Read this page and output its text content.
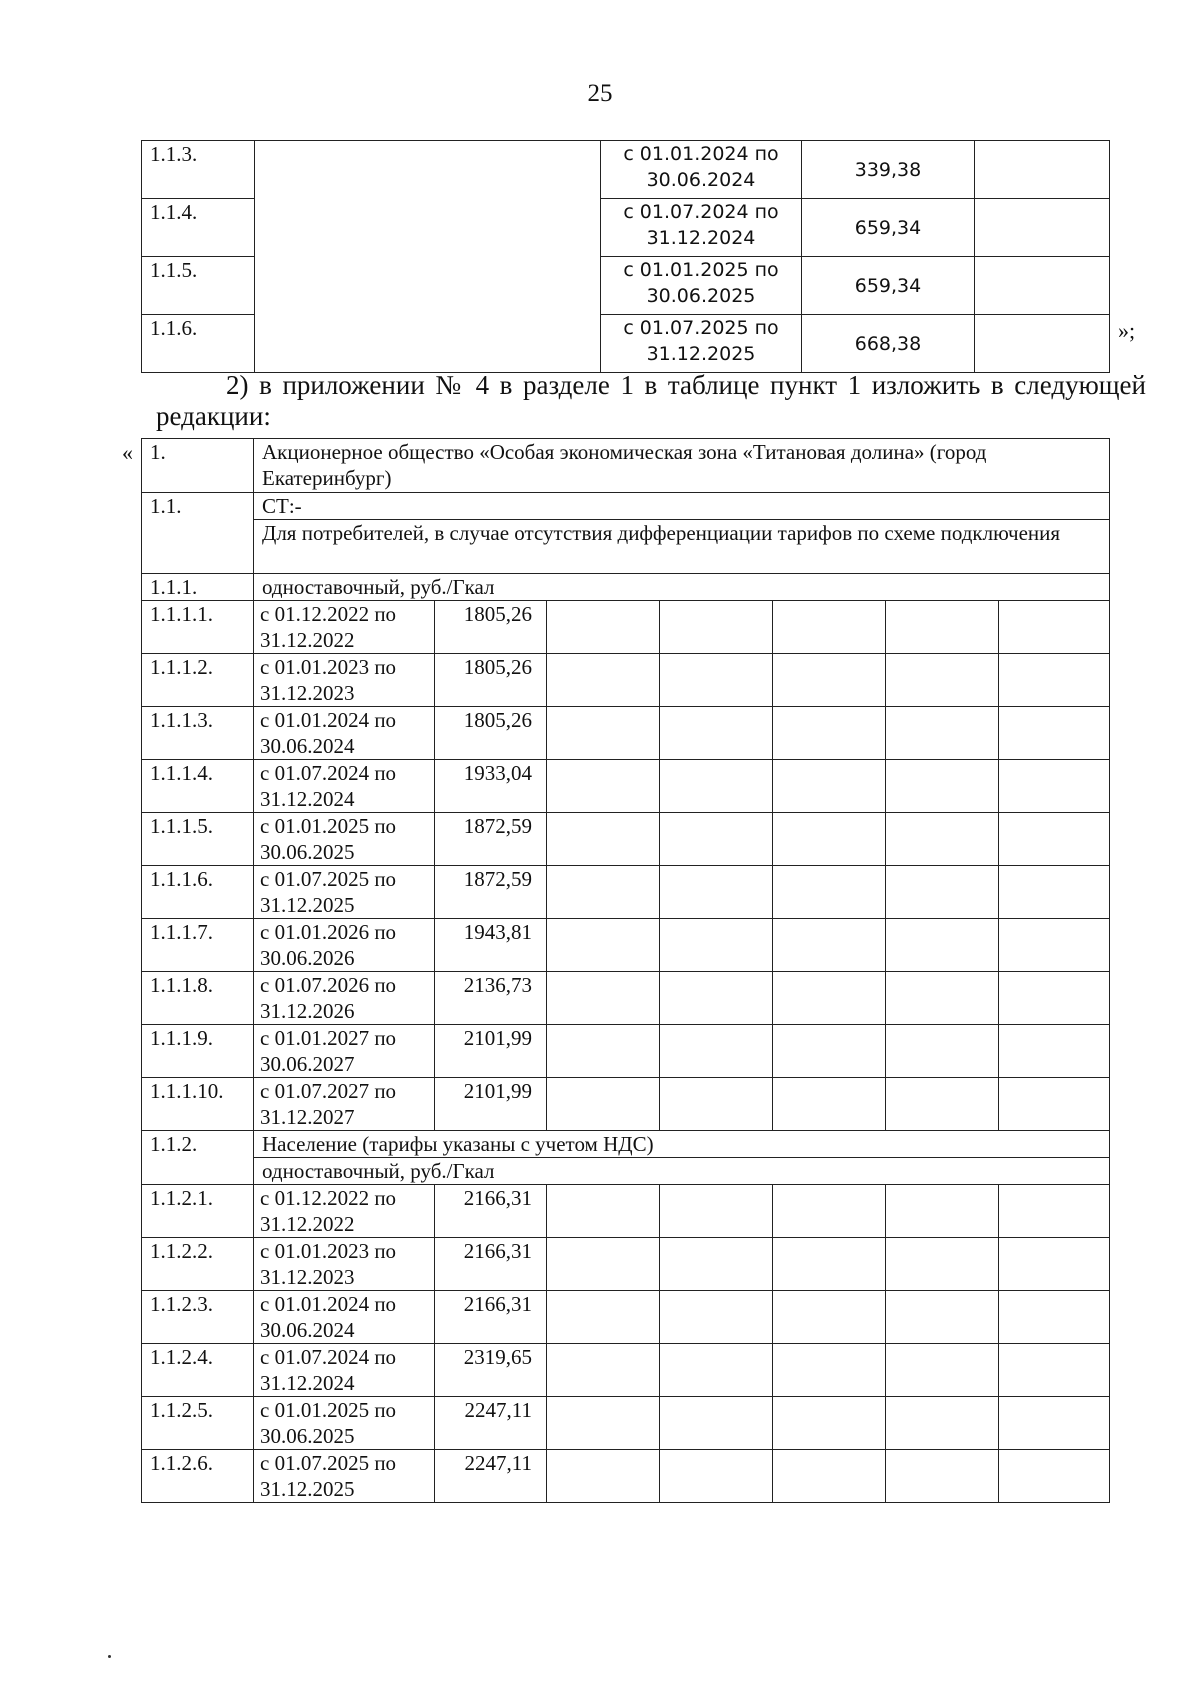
25
1.1.3.		с 01.01.2024 по 30.06.2024	339,38	
1.1.4.		с 01.07.2024 по 31.12.2024	659,34	
1.1.5.		с 01.01.2025 по 30.06.2025	659,34	
1.1.6.		с 01.07.2025 по 31.12.2025	668,38	
»;
2) в приложении № 4 в разделе 1 в таблице пункт 1 изложить в следующей
редакции:
« 1.	Акционерное общество «Особая экономическая зона «Титановая долина» (город Екатеринбург)						
1.1.	СТ:-						
	Для потребителей, в случае отсутствия дифференциации тарифов по схеме подключения						
1.1.1.	одноставочный, руб./Гкал						
1.1.1.1.	с 01.12.2022 по 31.12.2022	1805,26					
1.1.1.2.	с 01.01.2023 по 31.12.2023	1805,26					
1.1.1.3.	с 01.01.2024 по 30.06.2024	1805,26					
1.1.1.4.	с 01.07.2024 по 31.12.2024	1933,04					
1.1.1.5.	с 01.01.2025 по 30.06.2025	1872,59					
1.1.1.6.	с 01.07.2025 по 31.12.2025	1872,59					
1.1.1.7.	с 01.01.2026 по 30.06.2026	1943,81					
1.1.1.8.	с 01.07.2026 по 31.12.2026	2136,73					
1.1.1.9.	с 01.01.2027 по 30.06.2027	2101,99					
1.1.1.10.	с 01.07.2027 по 31.12.2027	2101,99					
1.1.2.	Население (тарифы указаны с учетом НДС)						
	одноставочный, руб./Гкал						
1.1.2.1.	с 01.12.2022 по 31.12.2022	2166,31					
1.1.2.2.	с 01.01.2023 по 31.12.2023	2166,31					
1.1.2.3.	с 01.01.2024 по 30.06.2024	2166,31					
1.1.2.4.	с 01.07.2024 по 31.12.2024	2319,65					
1.1.2.5.	с 01.01.2025 по 30.06.2025	2247,11					
1.1.2.6.	с 01.07.2025 по 31.12.2025	2247,11					
